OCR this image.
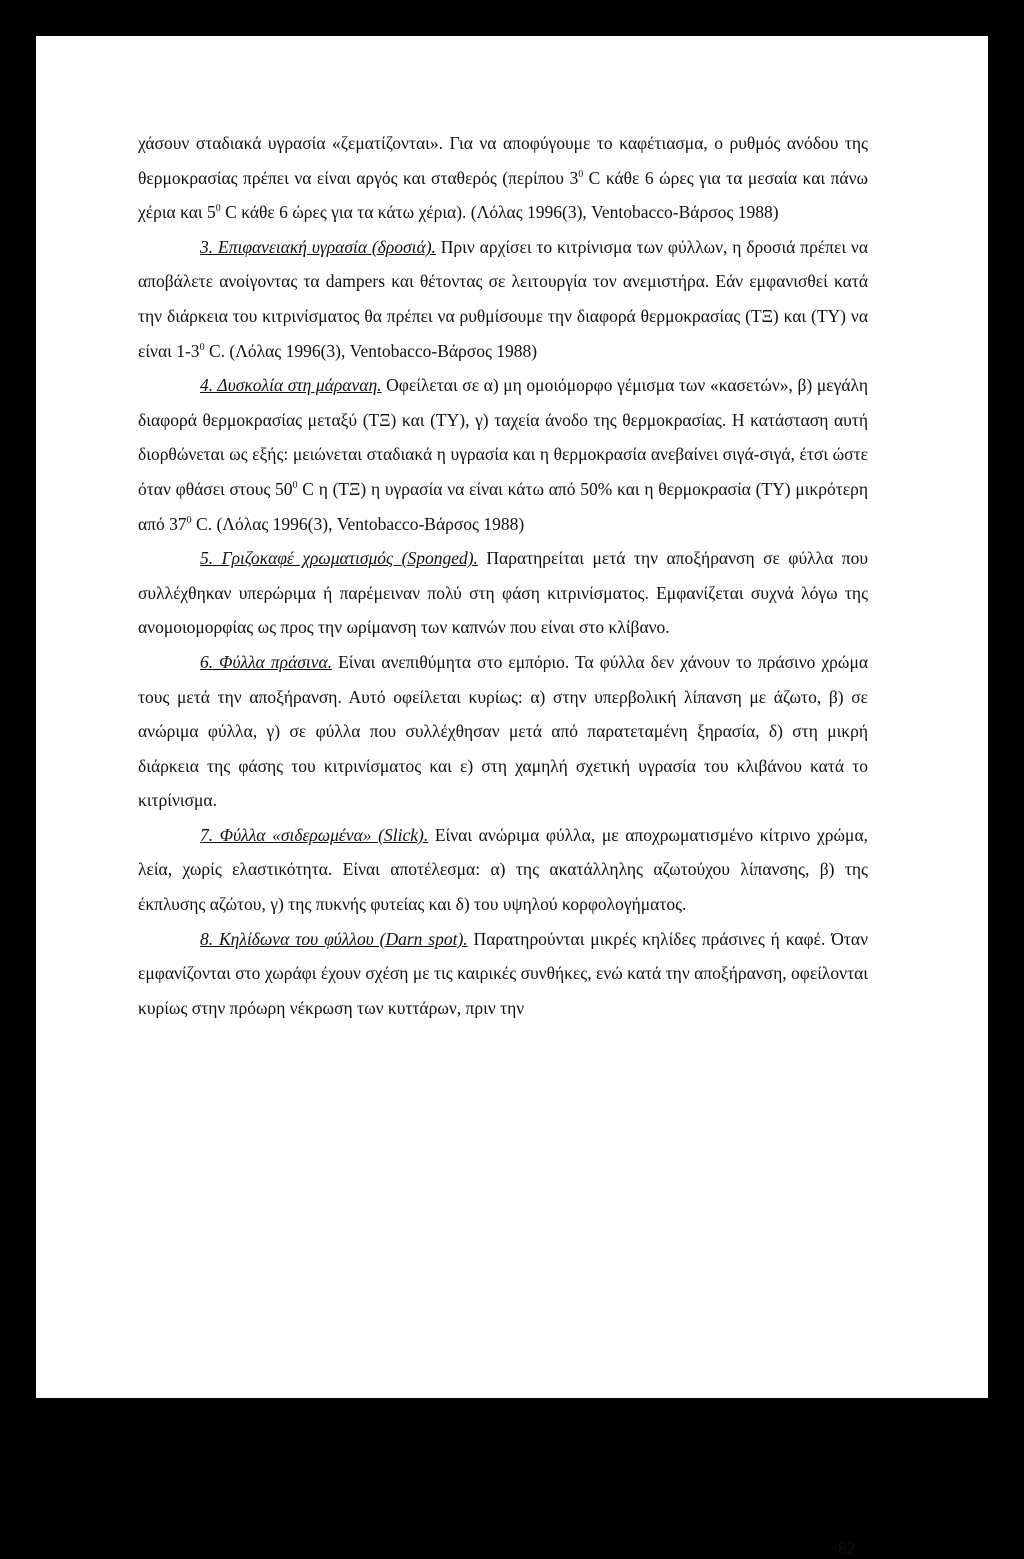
χάσουν σταδιακά υγρασία «ζεματίζονται». Για να αποφύγουμε το καφέτιασμα, ο ρυθμός ανόδου της θερμοκρασίας πρέπει να είναι αργός και σταθερός (περίπου $3^0$ C κάθε 6 ώρες για τα μεσαία και πάνω χέρια και $5^0$ C κάθε 6 ώρες για τα κάτω χέρια). (Λόλας 1996(3), Ventobacco-Βάρσος 1988)

3. Επιφανειακή υγρασία (δροσιά). Πριν αρχίσει το κιτρίνισμα των φύλλων, η δροσιά πρέπει να αποβάλετε ανοίγοντας τα dampers και θέτοντας σε λειτουργία τον ανεμιστήρα. Εάν εμφανισθεί κατά την διάρκεια του κιτρινίσματος θα πρέπει να ρυθμίσουμε την διαφορά θερμοκρασίας (ΤΞ) και (ΤΥ) να είναι $1-3^0$ C. (Λόλας 1996(3), Ventobacco-Βάρσος 1988)

4. Δυσκολία στη μάραναη. Οφείλεται σε α) μη ομοιόμορφο γέμισμα των «κασετών», β) μεγάλη διαφορά θερμοκρασίας μεταξύ (ΤΞ) και (ΤΥ), γ) ταχεία άνοδο της θερμοκρασίας. Η κατάσταση αυτή διορθώνεται ως εξής: μειώνεται σταδιακά η υγρασία και η θερμοκρασία ανεβαίνει σιγά-σιγά, έτσι ώστε όταν φθάσει στους $50^0$ C η (ΤΞ) η υγρασία να είναι κάτω από 50% και η θερμοκρασία (ΤΥ) μικρότερη από $37^0$ C. (Λόλας 1996(3), Ventobacco-Βάρσος 1988)

5. Γριζοκαφέ χρωματισμός (Sponged). Παρατηρείται μετά την αποξήρανση σε φύλλα που συλλέχθηκαν υπερώριμα ή παρέμειναν πολύ στη φάση κιτρινίσματος. Εμφανίζεται συχνά λόγω της ανομοιομορφίας ως προς την ωρίμανση των καπνών που είναι στο κλίβανο.

6. Φύλλα πράσινα. Είναι ανεπιθύμητα στο εμπόριο. Τα φύλλα δεν χάνουν το πράσινο χρώμα τους μετά την αποξήρανση. Αυτό οφείλεται κυρίως: α) στην υπερβολική λίπανση με άζωτο, β) σε ανώριμα φύλλα, γ) σε φύλλα που συλλέχθησαν μετά από παρατεταμένη ξηρασία, δ) στη μικρή διάρκεια της φάσης του κιτρινίσματος και ε) στη χαμηλή σχετική υγρασία του κλιβάνου κατά το κιτρίνισμα.

7. Φύλλα «σιδερωμένα» (Slick). Είναι ανώριμα φύλλα, με αποχρωματισμένο κίτρινο χρώμα, λεία, χωρίς ελαστικότητα. Είναι αποτέλεσμα: α) της ακατάλληλης αζωτούχου λίπανσης, β) της έκπλυσης αζώτου, γ) της πυκνής φυτείας και δ) του υψηλού κορφολογήματος.

8. Κηλίδωνα του φύλλου (Darn spot). Παρατηρούνται μικρές κηλίδες πράσινες ή καφέ. Όταν εμφανίζονται στο χωράφι έχουν σχέση με τις καιρικές συνθήκες, ενώ κατά την αποξήρανση, οφείλονται κυρίως στην πρόωρη νέκρωση των κυττάρων, πριν την

82
